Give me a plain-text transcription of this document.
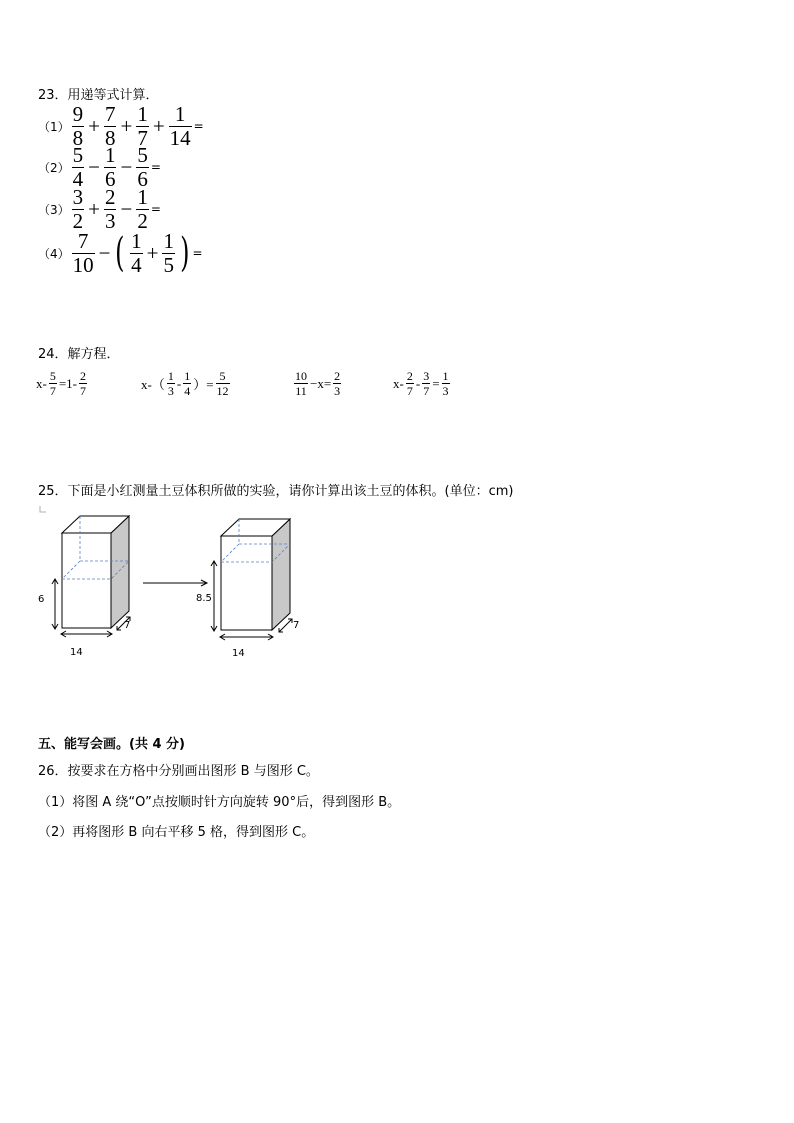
23．用递等式计算．
$(1) \frac{9}{8} + \frac{7}{8} + \frac{1}{7} + \frac{1}{14}$ =
$(2) \frac{5}{4} - \frac{1}{6} - \frac{5}{6}$ =
$(3) \frac{3}{2} + \frac{2}{3} - \frac{1}{2}$ =
$(4) \frac{7}{10}$ − ( $\frac{1}{4} + \frac{1}{5}$ ) =
24．解方程．
$x- \frac{5}{7} =1- \frac{2}{7}$	$x-( \frac{1}{3} - \frac{1}{4}$ ）= $\frac{5}{12}$	$\frac{10}{11} -x= \frac{2}{3}$	$x- \frac{2}{7} - \frac{3}{7} = \frac{1}{3}$
25．下面是小红测量土豆体积所做的实验，请你计算出该土豆的体积。(单位：cm)
6
14
7
8.5
14
7
五、能写会画。(共 4 分)
26．按要求在方格中分别画出图形 B 与图形 C。
（1）将图 A 绕“O”点按顺时针方向旋转 90°后，得到图形 B。
（2）再将图形 B 向右平移 5 格，得到图形 C。
